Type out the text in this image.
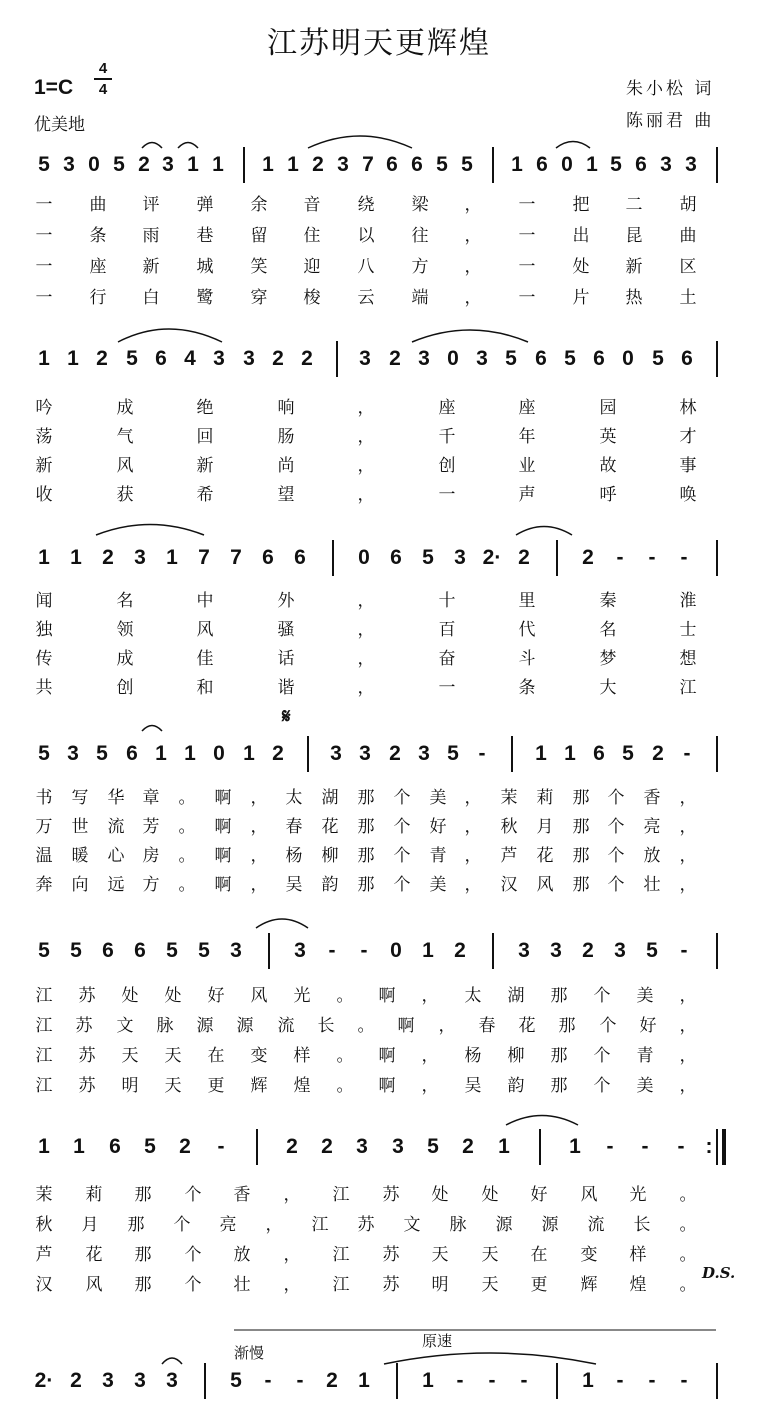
江苏明天更辉煌
1=C
4
4
优美地
朱小松 词
陈丽君 曲
𝄋
D.S.
渐慢
原速
5 3 0 5 2 3 1 1 1 1 2 3 7 6 6 5 5 1 6 0 1 5 6 3 3
1 1 2 5 6 4 3 3 2 2 3 2 3 0 3 5 6 5 6 0 5 6
1 1 2 3 1 7 7 6 6 0 6 5 3 2· 2 2 - - -
5 3 5 6 1 1 0 1 2 3 3 2 3 5 - 1 1 6 5 2 -
5 5 6 6 5 5 3 3 - - 0 1 2 3 3 2 3 5 -
1 1 6 5 2 -	2 2 3 3 5 2 1	1 - - - :
2· 2 3 3 3 5 - - 2 1 1 - - -	1 - - -
一 曲 评 弹 余 音 绕 梁 ， 一 把 二 胡
一 条 雨 巷 留 住 以 往 ， 一 出 昆 曲
一 座 新 城 笑 迎 八 方 ， 一 处 新 区
一 行 白 鹭 穿 梭 云 端 ， 一 片 热 土
吟	成	绝	响	，	座	座	园	林
荡	气	回	肠	，	千	年	英	才
新	风	新	尚	，	创	业	故	事
收	获	希	望	，	一	声	呼	唤
闻	名	中	外	，	十	里	秦	淮
独	领	风	骚	，	百	代	名	士
传	成	佳	话	，	奋	斗	梦	想
共	创	和	谐	，	一	条	大	江
书 写 华 章 。 啊 ， 太 湖 那 个 美 ， 茉 莉 那 个 香 ，
万 世 流 芳 。 啊 ， 春 花 那 个 好 ， 秋 月 那 个 亮 ，
温 暖 心 房 。 啊 ， 杨 柳 那 个 青 ， 芦 花 那 个 放 ，
奔 向 远 方 。 啊 ， 吴 韵 那 个 美 ， 汉 风 那 个 壮 ，
江 苏 处 处 好 风 光 。 啊 ， 太 湖 那 个 美 ，
江 苏 文 脉 源 源 流 长 。 啊 ， 春 花 那 个 好 ，
江 苏 天 天 在 变 样 。 啊 ， 杨 柳 那 个 青 ，
江 苏 明 天 更 辉 煌 。 啊 ， 吴 韵 那 个 美 ，
茉 莉 那 个 香 ， 江 苏 处 处 好 风 光 。
秋 月 那 个 亮 ， 江 苏 文 脉 源 源 流 长 。
芦 花 那 个 放 ， 江 苏 天 天 在 变 样 。
汉 风 那 个 壮 ， 江 苏 明 天 更 辉 煌 。
